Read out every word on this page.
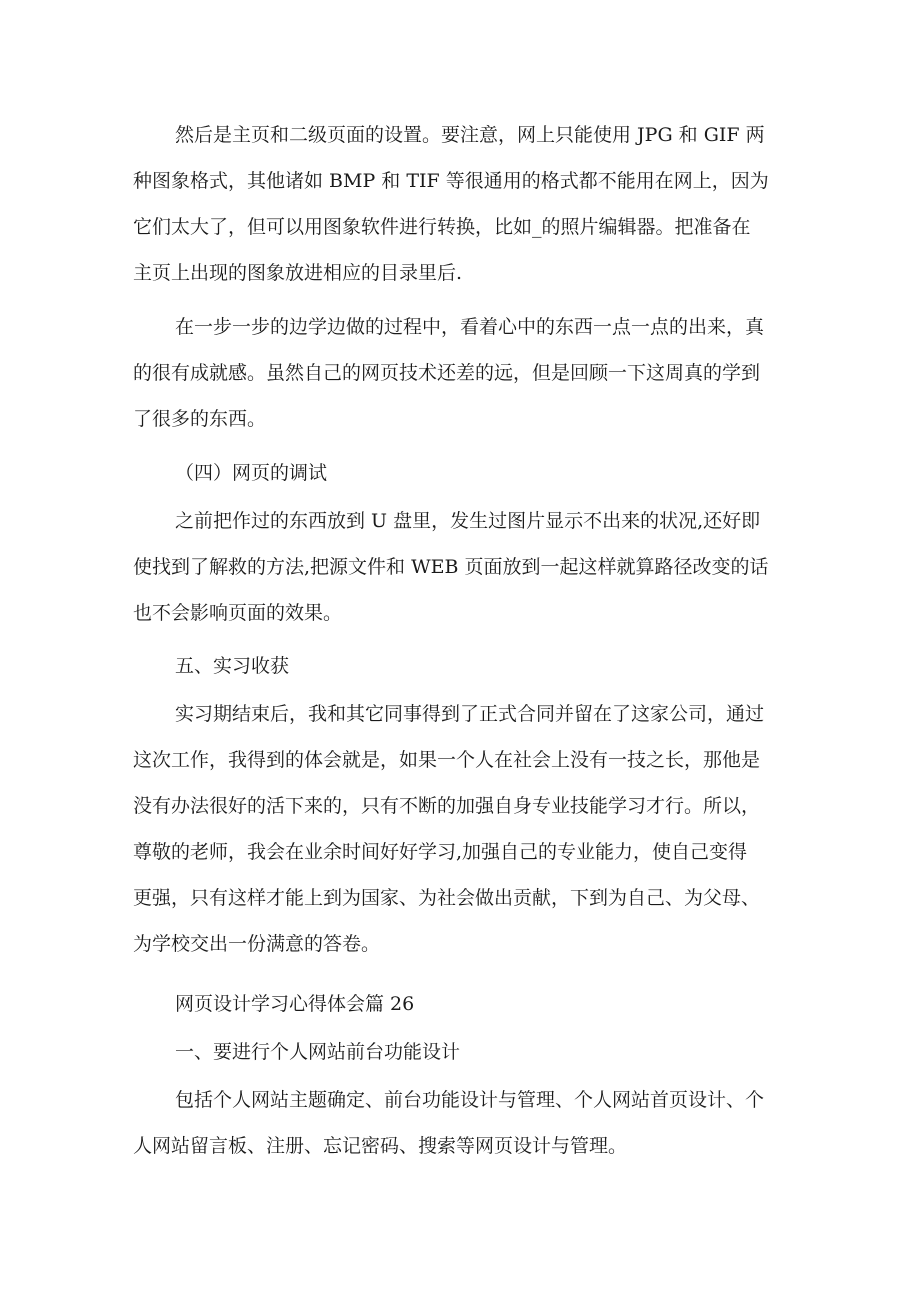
然后是主页和二级页面的设置。要注意，网上只能使用 JPG 和 GIF 两
种图象格式，其他诸如 BMP 和 TIF 等很通用的格式都不能用在网上，因为
它们太大了，但可以用图象软件进行转换，比如_的照片编辑器。把准备在
主页上出现的图象放进相应的目录里后.
在一步一步的边学边做的过程中，看着心中的东西一点一点的出来，真
的很有成就感。虽然自己的网页技术还差的远，但是回顾一下这周真的学到
了很多的东西。
（四）网页的调试
之前把作过的东西放到 U 盘里，发生过图片显示不出来的状况,还好即
使找到了解救的方法,把源文件和 WEB 页面放到一起这样就算路径改变的话
也不会影响页面的效果。
五、实习收获
实习期结束后，我和其它同事得到了正式合同并留在了这家公司，通过
这次工作，我得到的体会就是，如果一个人在社会上没有一技之长，那他是
没有办法很好的活下来的，只有不断的加强自身专业技能学习才行。所以，
尊敬的老师，我会在业余时间好好学习,加强自己的专业能力，使自己变得
更强，只有这样才能上到为国家、为社会做出贡献，下到为自己、为父母、
为学校交出一份满意的答卷。
网页设计学习心得体会篇 26
一、要进行个人网站前台功能设计
包括个人网站主题确定、前台功能设计与管理、个人网站首页设计、个
人网站留言板、注册、忘记密码、搜索等网页设计与管理。
